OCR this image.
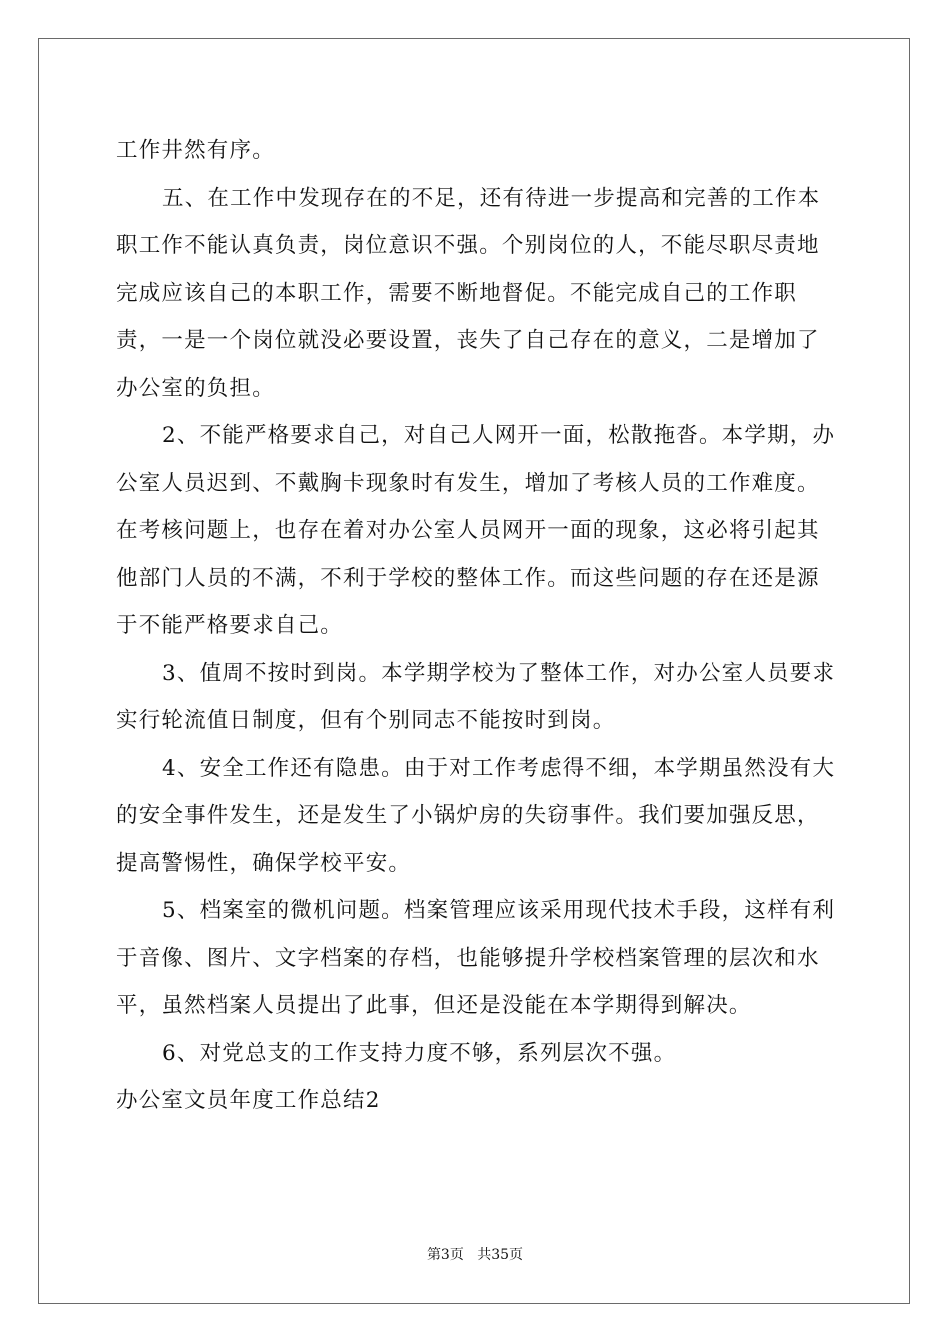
工作井然有序。

五、在工作中发现存在的不足，还有待进一步提高和完善的工作本职工作不能认真负责，岗位意识不强。个别岗位的人，不能尽职尽责地完成应该自己的本职工作，需要不断地督促。不能完成自己的工作职责，一是一个岗位就没必要设置，丧失了自己存在的意义，二是增加了办公室的负担。

2、不能严格要求自己，对自己人网开一面，松散拖沓。本学期，办公室人员迟到、不戴胸卡现象时有发生，增加了考核人员的工作难度。在考核问题上，也存在着对办公室人员网开一面的现象，这必将引起其他部门人员的不满，不利于学校的整体工作。而这些问题的存在还是源于不能严格要求自己。

3、值周不按时到岗。本学期学校为了整体工作，对办公室人员要求实行轮流值日制度，但有个别同志不能按时到岗。

4、安全工作还有隐患。由于对工作考虑得不细，本学期虽然没有大的安全事件发生，还是发生了小锅炉房的失窃事件。我们要加强反思，提高警惕性，确保学校平安。

5、档案室的微机问题。档案管理应该采用现代技术手段，这样有利于音像、图片、文字档案的存档，也能够提升学校档案管理的层次和水平，虽然档案人员提出了此事，但还是没能在本学期得到解决。

6、对党总支的工作支持力度不够，系列层次不强。

办公室文员年度工作总结2

第3页 共35页
